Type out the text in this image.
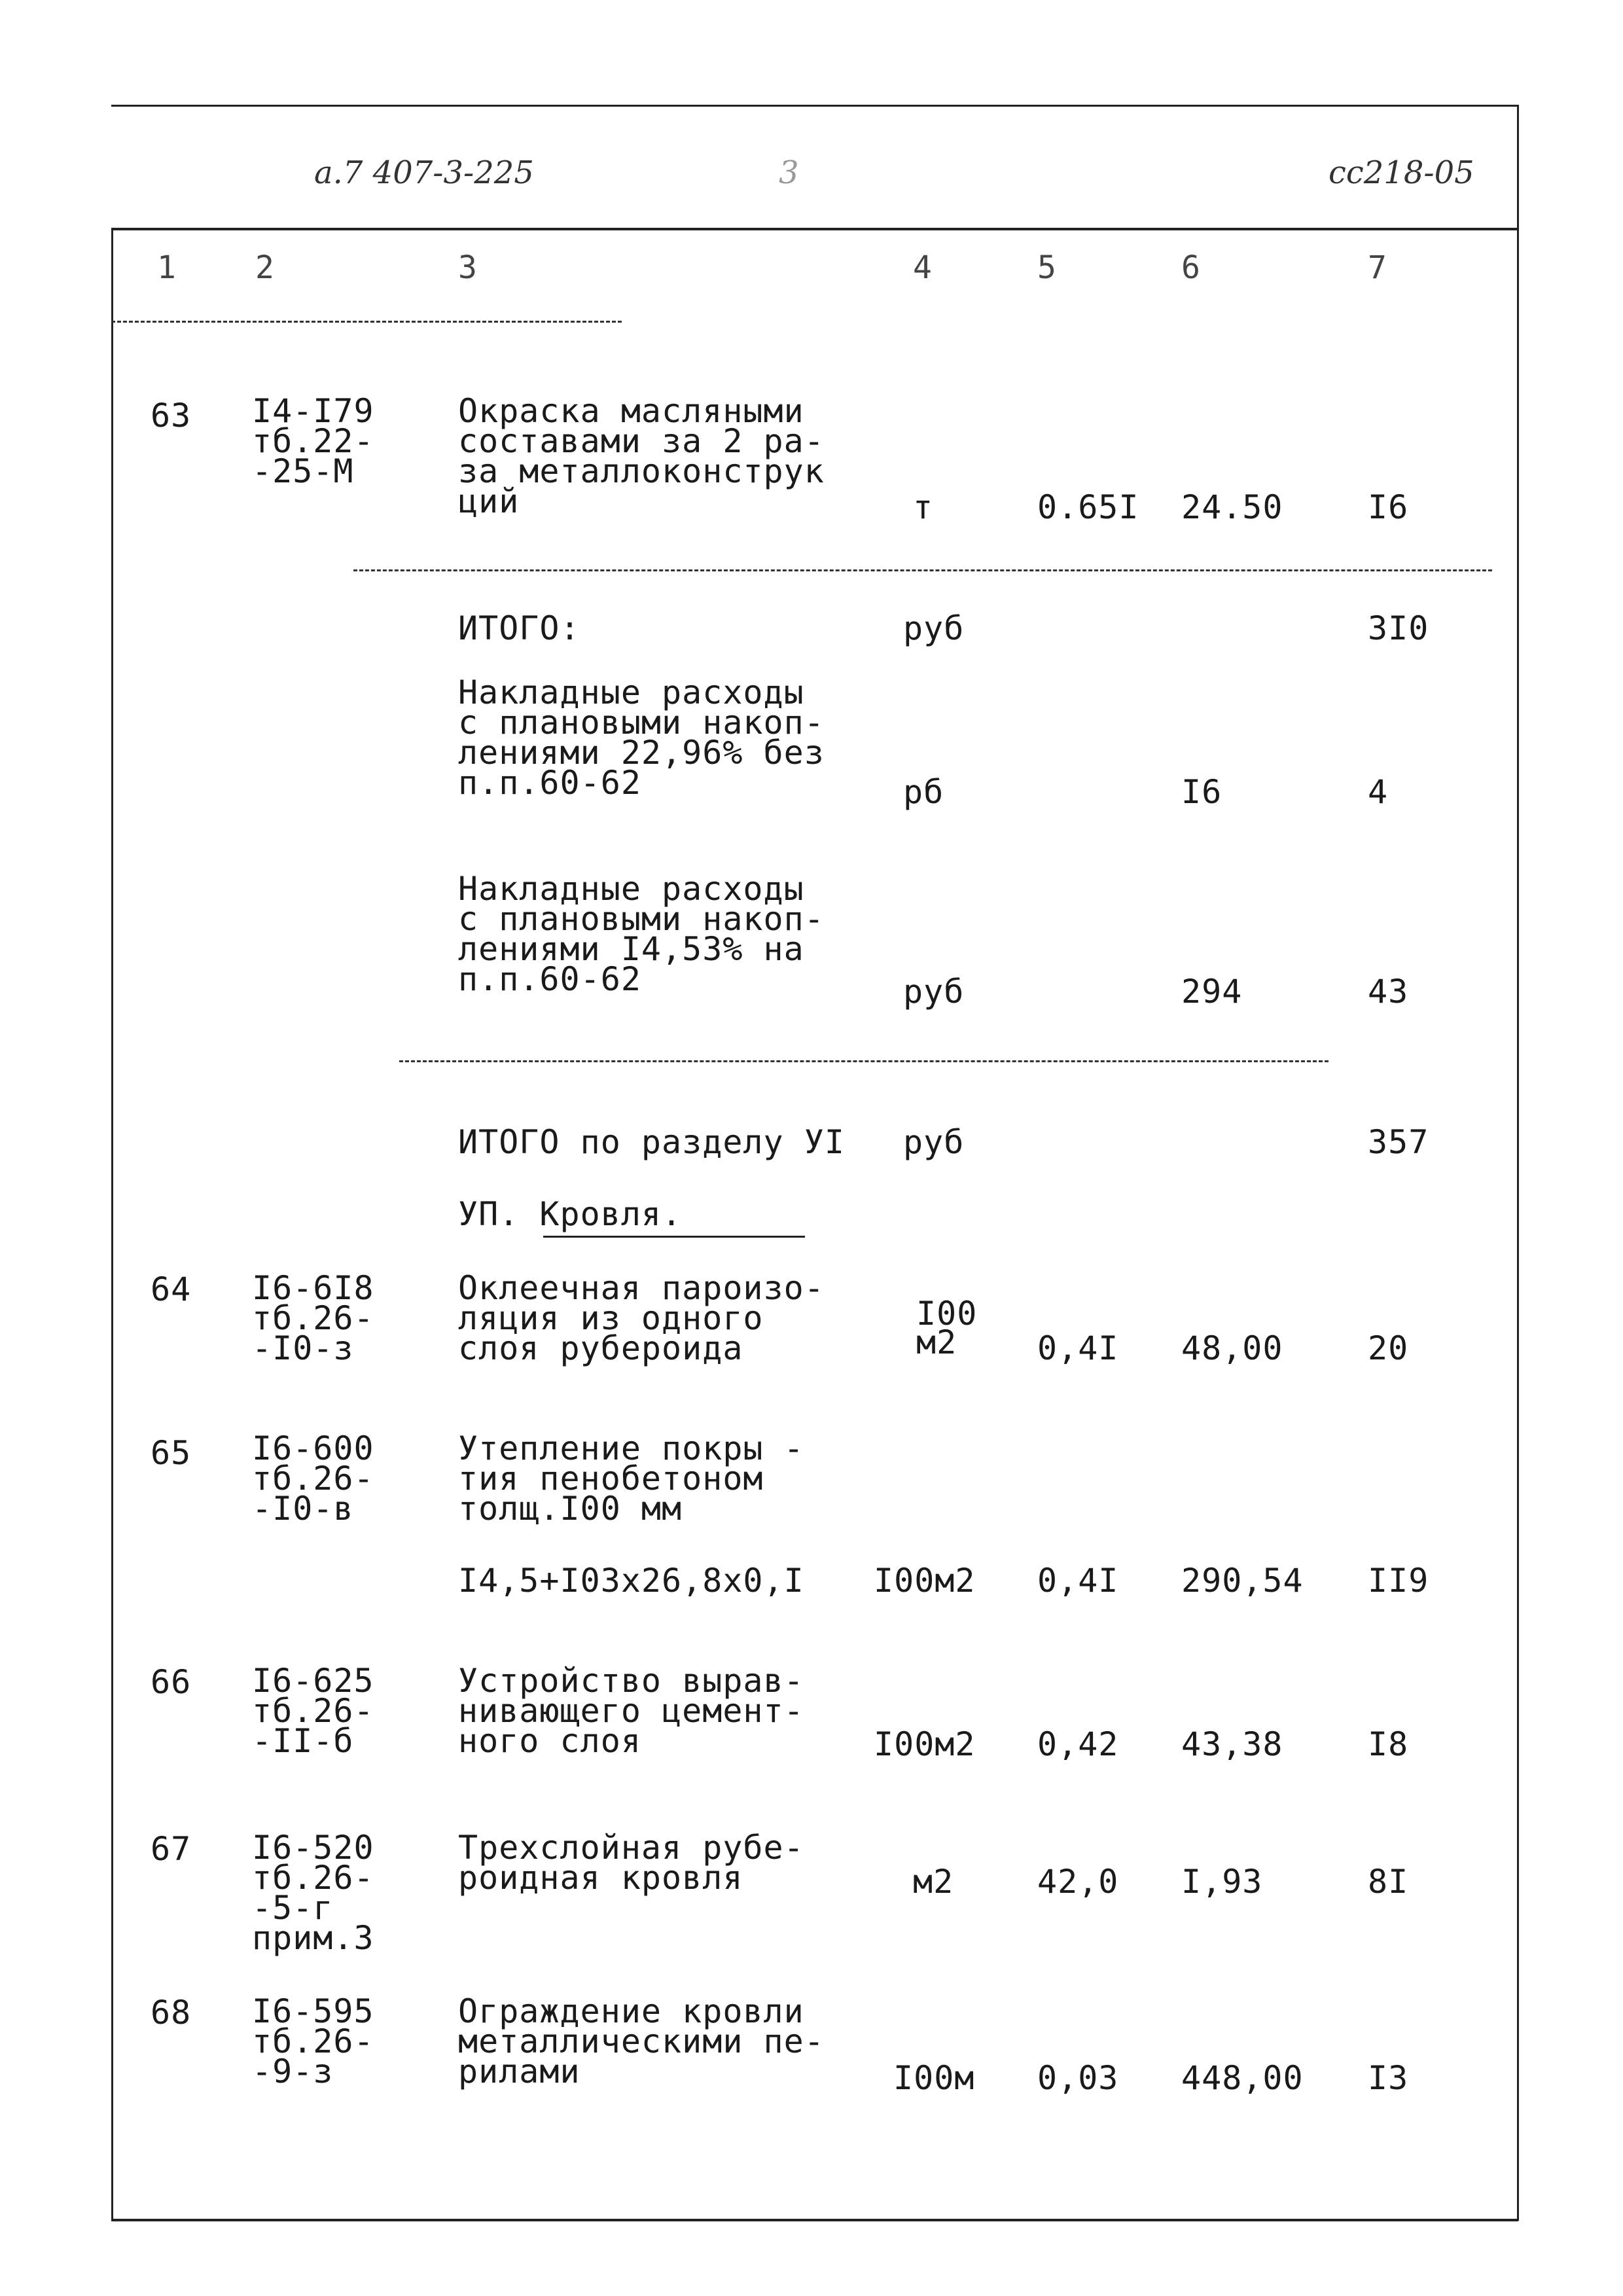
а.7 407-3-225	3	сс218-05
1	2	3	4	5	6	7
63 I4-I79
тб.22-
-25-М
Окраска масляными
составами за 2 ра-
за металлоконструк
ций	т	0.65I 24.50	I6
ИТОГО:	руб	3I0
Накладные расходы
с плановыми накоп-
лениями 22,96% без
п.п.60-62	рб	I6	4
Накладные расходы
с плановыми накоп-
лениями I4,53% на
п.п.60-62	руб	294	43
ИТОГО по разделу УI руб	357
УП. Кровля.
64 I6-6I8
тб.26-
-I0-з
Оклеечная пароизо-
ляция из одного
слоя рубероида
I00
м2	0,4I 48,00	20
65 I6-600
тб.26-
-I0-в
Утепление покры -
тия пенобетоном
толщ.I00 мм
I4,5+I03x26,8x0,I I00м2 0,4I 290,54 II9
66 I6-625
тб.26-
-II-б
Устройство вырав-
нивающего цемент-
ного слоя	I00м2 0,42 43,38	I8
67 I6-520
тб.26-
-5-г
прим.3
Трехслойная рубе-
роидная кровля	м2	42,0 I,93	8I
68 I6-595
тб.26-
-9-з
Ограждение кровли
металлическими пе-
рилами	I00м 0,03 448,00 I3
